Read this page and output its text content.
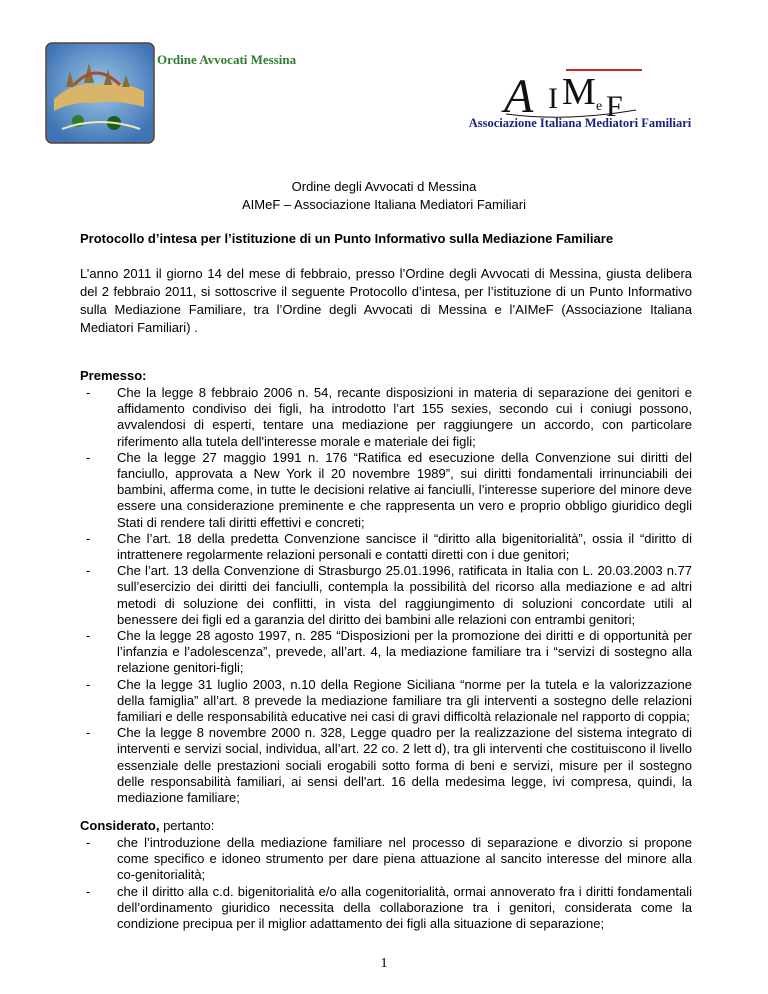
Ordine Avvocati Messina
A I M e F
Associazione Italiana Mediatori Familiari
Ordine degli Avvocati d Messina
AIMeF – Associazione Italiana Mediatori Familiari
Protocollo d’intesa per l’istituzione di un Punto Informativo sulla Mediazione Familiare
L’anno 2011 il giorno 14 del mese di febbraio, presso l’Ordine degli Avvocati di Messina, giusta delibera del 2 febbraio 2011, si sottoscrive il seguente Protocollo d’intesa, per l’istituzione di un Punto Informativo sulla Mediazione Familiare, tra l’Ordine degli Avvocati di Messina e l’AIMeF (Associazione Italiana Mediatori Familiari) .
Premesso:
- Che la legge 8 febbraio 2006 n. 54, recante disposizioni in materia di separazione dei genitori e affidamento condiviso dei figli, ha introdotto l’art 155 sexies, secondo cui i coniugi possono, avvalendosi di esperti, tentare una mediazione per raggiungere un accordo, con particolare riferimento alla tutela dell'interesse morale e materiale dei figli;
- Che la legge 27 maggio 1991 n. 176 “Ratifica ed esecuzione della Convenzione sui diritti del fanciullo, approvata a New York il 20 novembre 1989”, sui diritti fondamentali irrinunciabili dei bambini, afferma come, in tutte le decisioni relative ai fanciulli, l’interesse superiore del minore deve essere una considerazione preminente e che rappresenta un vero e proprio obbligo giuridico degli Stati di rendere tali diritti effettivi e concreti;
- Che l’art. 18 della predetta Convenzione sancisce il “diritto alla bigenitorialità”, ossia il “diritto di intrattenere regolarmente relazioni personali e contatti diretti con i due genitori;
- Che l’art. 13 della Convenzione di Strasburgo 25.01.1996, ratificata in Italia con L. 20.03.2003 n.77 sull’esercizio dei diritti dei fanciulli, contempla la possibilità del ricorso alla mediazione e ad altri metodi di soluzione dei conflitti, in vista del raggiungimento di soluzioni concordate utili al benessere dei figli ed a garanzia del diritto dei bambini alle relazioni con entrambi genitori;
- Che la legge 28 agosto 1997, n. 285 “Disposizioni per la promozione dei diritti e di opportunità per l’infanzia e l’adolescenza”, prevede, all’art. 4, la mediazione familiare tra i “servizi di sostegno alla relazione genitori-figli;
- Che la legge 31 luglio 2003, n.10 della Regione Siciliana “norme per la tutela e la valorizzazione della famiglia” all’art. 8 prevede la mediazione familiare tra gli interventi a sostegno delle relazioni familiari e delle responsabilità educative nei casi di gravi difficoltà relazionale nel rapporto di coppia;
- Che la legge 8 novembre 2000 n. 328, Legge quadro per la realizzazione del sistema integrato di interventi e servizi social, individua, all’art. 22 co. 2 lett d), tra gli interventi che costituiscono il livello essenziale delle prestazioni sociali erogabili sotto forma di beni e servizi, misure per il sostegno delle responsabilità familiari, ai sensi dell'art. 16 della medesima legge, ivi compresa, quindi, la mediazione familiare;
Considerato, pertanto:
- che l’introduzione della mediazione familiare nel processo di separazione e divorzio si propone come specifico e idoneo strumento per dare piena attuazione al sancito interesse del minore alla co-genitorialità;
- che il diritto alla c.d. bigenitorialità e/o alla cogenitorialità, ormai annoverato fra i diritti fondamentali dell’ordinamento giuridico necessita della collaborazione tra i genitori, considerata come la condizione precipua per il miglior adattamento dei figli alla situazione di separazione;
1
